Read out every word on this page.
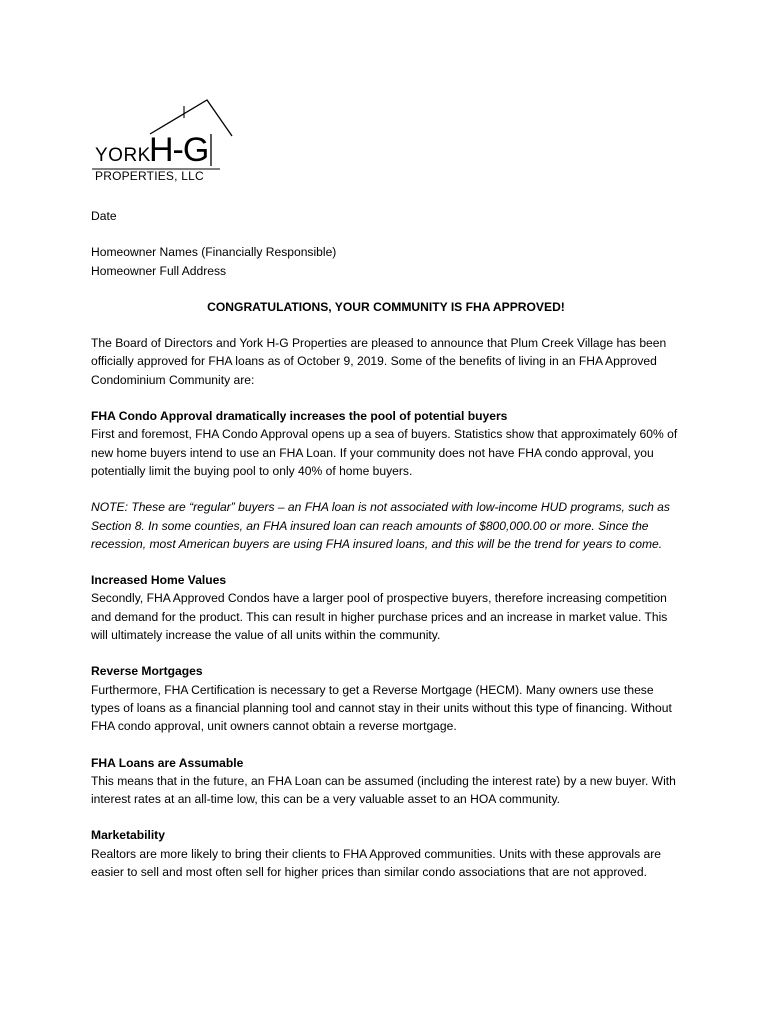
YORK
H-G
PROPERTIES, LLC

Date

Homeowner Names (Financially Responsible)

Homeowner Full Address

CONGRATULATIONS, YOUR COMMUNITY IS FHA APPROVED!

The Board of Directors and York H-G Properties are pleased to announce that Plum Creek Village has been officially approved for FHA loans as of October 9, 2019. Some of the benefits of living in an FHA Approved Condominium Community are:

FHA Condo Approval dramatically increases the pool of potential buyers

First and foremost, FHA Condo Approval opens up a sea of buyers. Statistics show that approximately 60% of new home buyers intend to use an FHA Loan. If your community does not have FHA condo approval, you potentially limit the buying pool to only 40% of home buyers.

NOTE: These are “regular” buyers – an FHA loan is not associated with low-income HUD programs, such as Section 8. In some counties, an FHA insured loan can reach amounts of $800,000.00 or more. Since the recession, most American buyers are using FHA insured loans, and this will be the trend for years to come.

Increased Home Values

Secondly, FHA Approved Condos have a larger pool of prospective buyers, therefore increasing competition and demand for the product. This can result in higher purchase prices and an increase in market value. This will ultimately increase the value of all units within the community.

Reverse Mortgages

Furthermore, FHA Certification is necessary to get a Reverse Mortgage (HECM). Many owners use these types of loans as a financial planning tool and cannot stay in their units without this type of financing. Without FHA condo approval, unit owners cannot obtain a reverse mortgage.

FHA Loans are Assumable

This means that in the future, an FHA Loan can be assumed (including the interest rate) by a new buyer. With interest rates at an all-time low, this can be a very valuable asset to an HOA community.

Marketability

Realtors are more likely to bring their clients to FHA Approved communities. Units with these approvals are easier to sell and most often sell for higher prices than similar condo associations that are not approved.
